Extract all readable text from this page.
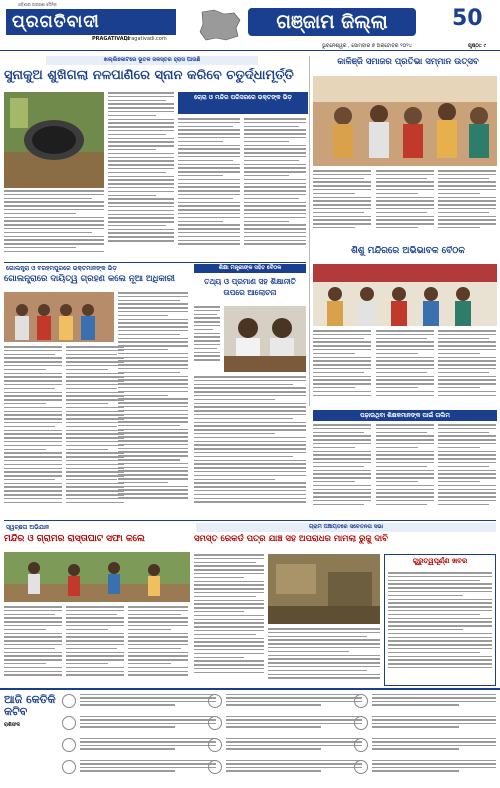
ଓଡ଼ିଶାର ଅଗ୍ରଣୀ ଦୈନିକ
ପ୍ରଗତିବାଦୀ
PRAGATIVADI
pragativadi.com
ଗଞ୍ଜାମ ଜିଲ୍ଲା	50
ଭୁବନେଶ୍ୱର , ସୋମବାର ୭ ଅକ୍ଟୋବର ୨୦୨୪	ପୃଷ୍ଠା: ୯
ଖଲ୍ଲିକୋଟରେ ଭୂତଳ ଜଳସ୍ତର ହ୍ରାସ ପାଉଛି
ସୁନାକୁଅ ଶୁଖିଗଲା ନଳପାଣିରେ ସ୍ନାନ କରିବେ ଚତୁର୍ଦ୍ଧାମୂର୍ତ୍ତି
ଚୋରା ଓ ମନ୍ଦିର ପରିସରରେ ଭକ୍ତଙ୍କ ଭିଡ଼
କାଳିଞ୍ଜି ସମାଜର ପ୍ରତିଭା ସମ୍ମାନ ଉତ୍ସବ
ଗୋଲନ୍ତ୍ରା ଓ ବରହମପୁରରେ ଭକ୍ତମାନଙ୍କ ଭିଡ଼
ଗୋଲନ୍ତ୍ରାରେ ଦାୟିତ୍ୱ ଗ୍ରହଣ କଲେ ନୂଆ ଅଧିକାରୀ
ଶିକ୍ଷା ମନ୍ତ୍ରୀଙ୍କ ସହିତ ବୈଠକ
ତଥ୍ୟ ଓ ପ୍ରମାଣ ସହ ଶିକ୍ଷାନୀତି ଉପରେ ଆଲୋଚନା
ଶିଶୁ ମନ୍ଦିରରେ ଅଭିଭାବକ ବୈଠକ
ପଢ଼ାଉଥିବା ଶିକ୍ଷକମାନଙ୍କ ପାଇଁ ତାଲିମ
ସ୍ୱଚ୍ଛତା ଅଭିଯାନ
ମନ୍ଦିର ଓ ଗ୍ରାମର ରାସ୍ତାଘାଟ ସଫା କଲେ
ଗ୍ରାମ ପଞ୍ଚାୟତରେ ସଚେତନତା ସଭା
ସମସ୍ତ ରେକର୍ଡ ପତ୍ର ଯାଞ୍ଚ ସହ ଅପରାଧର ମାମଲା ରୁଜୁ ଦାବି
ଗୁରୁତ୍ୱପୂର୍ଣ୍ଣ ଖବର
ଆଜି କେତିକି କଟିବ
ରାଶିଫଳ
